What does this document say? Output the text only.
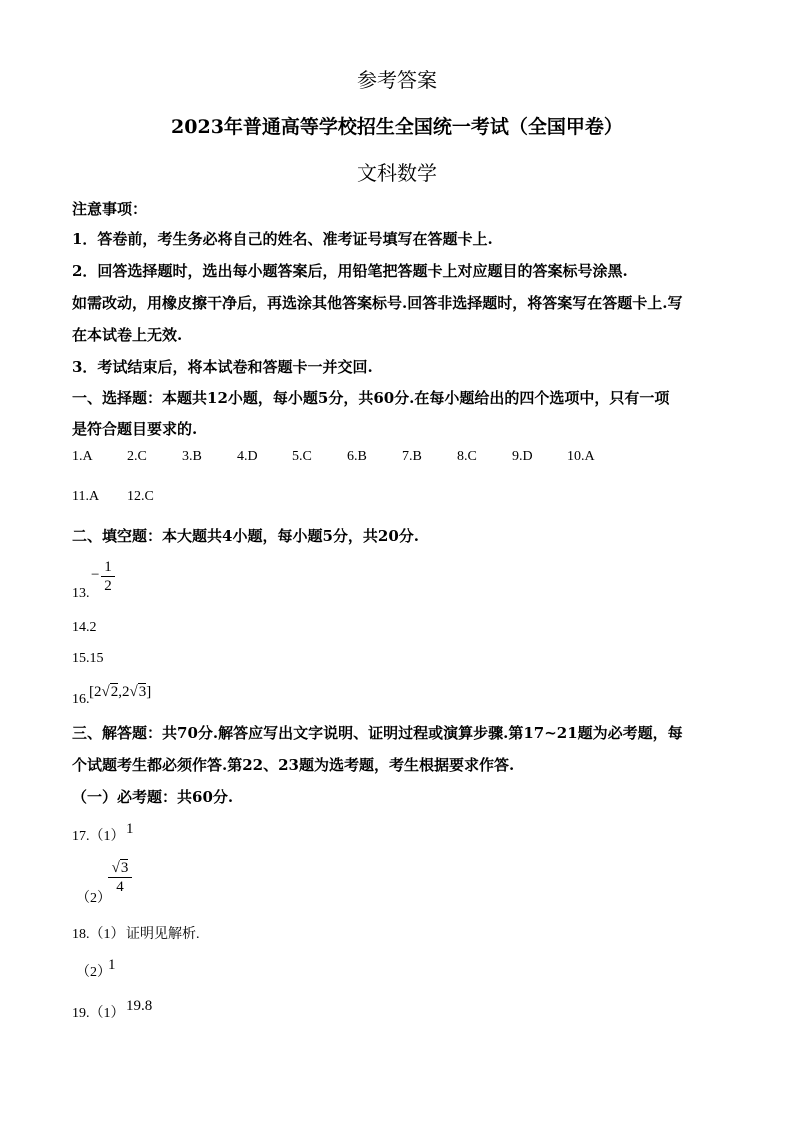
参考答案
2023年普通高等学校招生全国统一考试（全国甲卷）
文科数学
注意事项：
1．答卷前，考生务必将自己的姓名、准考证号填写在答题卡上.
2．回答选择题时，选出每小题答案后，用铅笔把答题卡上对应题目的答案标号涂黑.
如需改动，用橡皮擦干净后，再选涂其他答案标号.回答非选择题时，将答案写在答题卡上.写
在本试卷上无效.
3．考试结束后，将本试卷和答题卡一并交回.
一、选择题：本题共12小题，每小题5分，共60分.在每小题给出的四个选项中，只有一项
是符合题目要求的.
1.A 2.C	3.B	4.D 5.C	6.B	7.B	8.C	9.D 10.A
11.A 12.C
二、填空题：本大题共4小题，每小题5分，共20分.
13.
− 1
2
14.2
15.15
16. [2√2,2√3]
三、解答题：共70分.解答应写出文字说明、证明过程或演算步骤.第17~21题为必考题，每
个试题考生都必须作答.第22、23题为选考题，考生根据要求作答.
（一）必考题：共60分.
17.（1） 1
（2）
√3
4
18.（1） 证明见解析.
（2）
1
19.（1） 19.8
